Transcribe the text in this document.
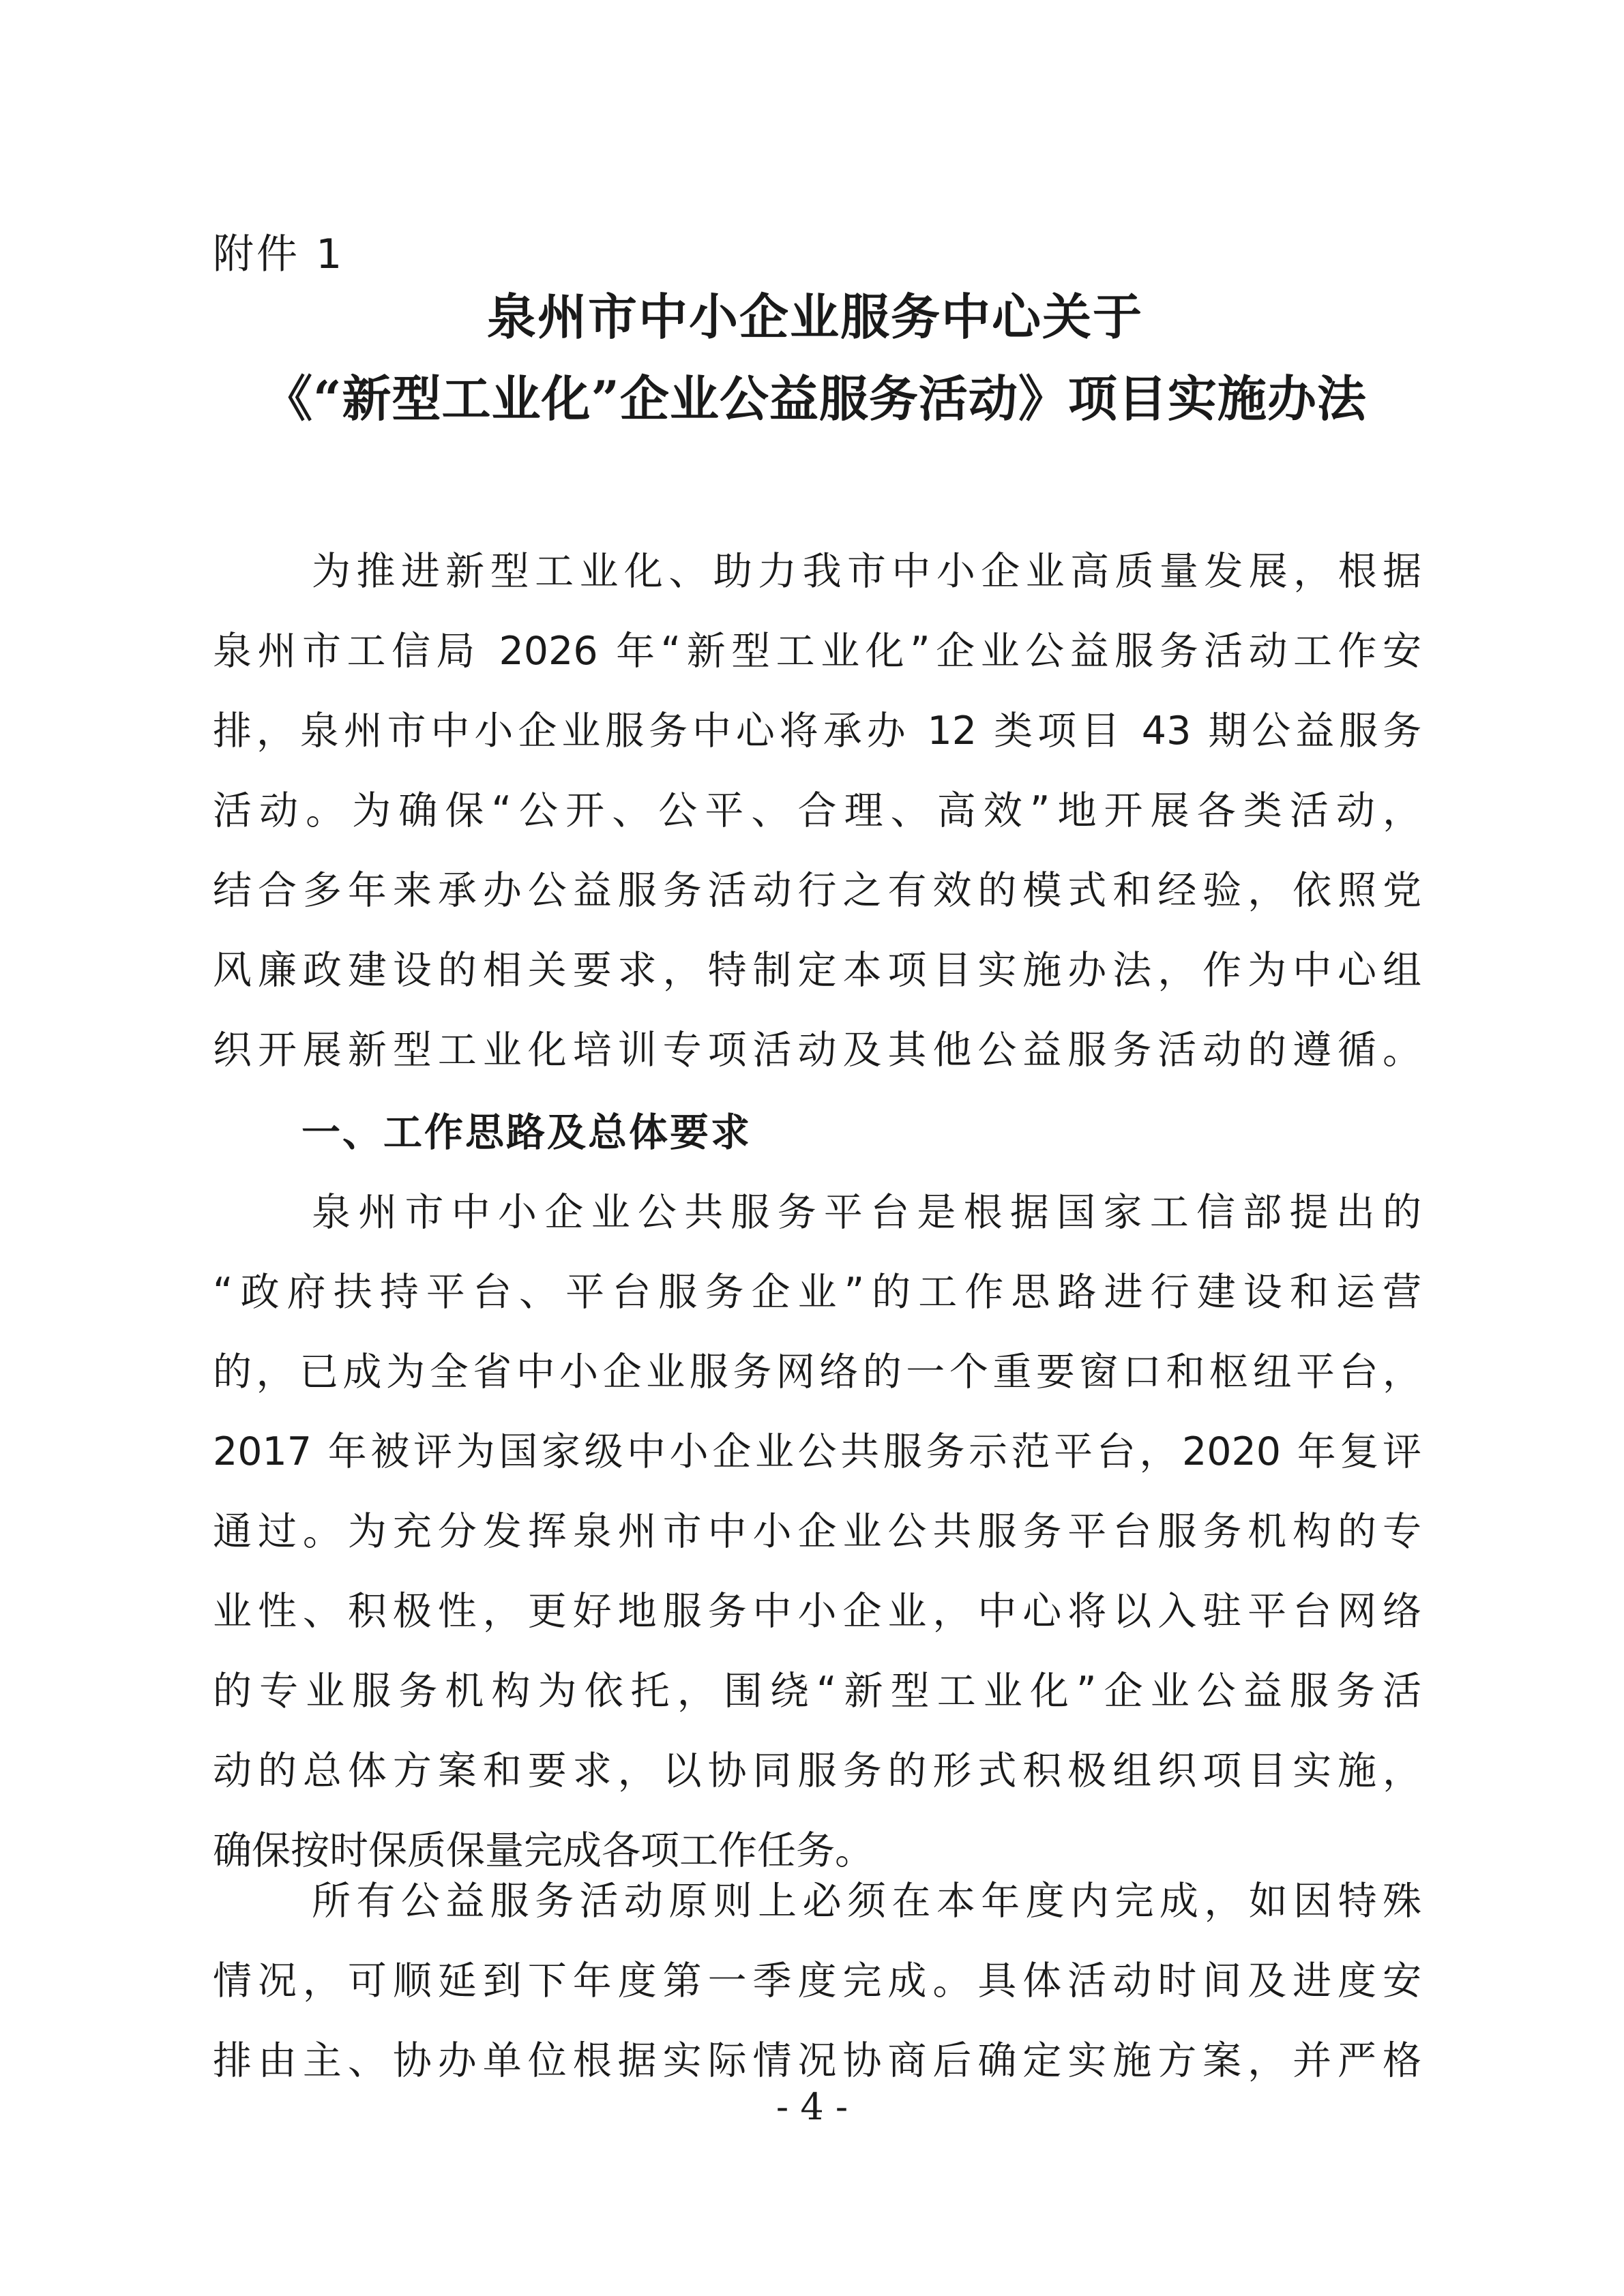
附件 1
泉州市中小企业服务中心关于
《“新型工业化”企业公益服务活动》项目实施办法
为推进新型工业化、助力我市中小企业高质量发展，根据
泉州市工信局 2026 年“新型工业化”企业公益服务活动工作安
排，泉州市中小企业服务中心将承办 12 类项目 43 期公益服务
活动。为确保“公开、公平、合理、高效”地开展各类活动，
结合多年来承办公益服务活动行之有效的模式和经验，依照党
风廉政建设的相关要求，特制定本项目实施办法，作为中心组
织开展新型工业化培训专项活动及其他公益服务活动的遵循。
一、工作思路及总体要求
泉州市中小企业公共服务平台是根据国家工信部提出的
“政府扶持平台、平台服务企业”的工作思路进行建设和运营
的，已成为全省中小企业服务网络的一个重要窗口和枢纽平台，
2017 年被评为国家级中小企业公共服务示范平台，2020 年复评
通过。为充分发挥泉州市中小企业公共服务平台服务机构的专
业性、积极性，更好地服务中小企业，中心将以入驻平台网络
的专业服务机构为依托，围绕“新型工业化”企业公益服务活
动的总体方案和要求，以协同服务的形式积极组织项目实施，
确保按时保质保量完成各项工作任务。
所有公益服务活动原则上必须在本年度内完成，如因特殊
情况，可顺延到下年度第一季度完成。具体活动时间及进度安
排由主、协办单位根据实际情况协商后确定实施方案，并严格
- 4 -
